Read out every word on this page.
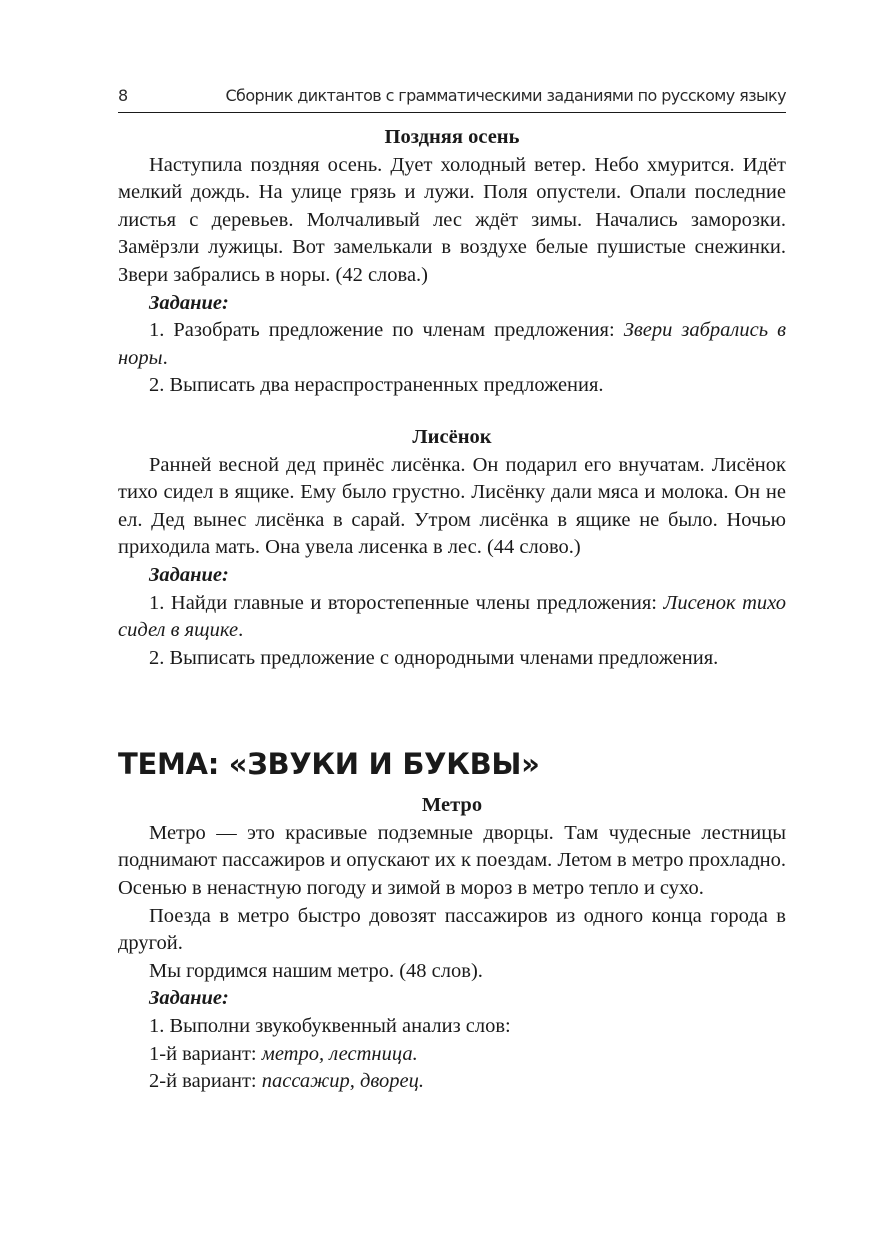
8	Сборник диктантов с грамматическими заданиями по русскому языку

Поздняя осень

Наступила поздняя осень. Дует холодный ветер. Небо хмурится. Идёт мелкий дождь. На улице грязь и лужи. Поля опустели. Опали последние листья с деревьев. Молчаливый лес ждёт зимы. Начались заморозки. Замёрзли лужицы. Вот замелькали в воздухе белые пушистые снежинки. Звери забрались в норы. (42 слова.)

Задание:

1. Разобрать предложение по членам предложения: Звери забрались в норы.

2. Выписать два нераспространенных предложения.

Лисёнок

Ранней весной дед принёс лисёнка. Он подарил его внучатам. Лисёнок тихо сидел в ящике. Ему было грустно. Лисёнку дали мяса и молока. Он не ел. Дед вынес лисёнка в сарай. Утром лисёнка в ящике не было. Ночью приходила мать. Она увела лисенка в лес. (44 слово.)

Задание:

1. Найди главные и второстепенные члены предложения: Лисенок тихо сидел в ящике.

2. Выписать предложение с однородными членами предложения.

ТЕМА: «ЗВУКИ И БУКВЫ»

Метро

Метро — это красивые подземные дворцы. Там чудесные лестницы поднимают пассажиров и опускают их к поездам. Летом в метро прохладно. Осенью в ненастную погоду и зимой в мороз в метро тепло и сухо.

Поезда в метро быстро довозят пассажиров из одного конца города в другой.

Мы гордимся нашим метро. (48 слов).

Задание:

1. Выполни звукобуквенный анализ слов:

1-й вариант: метро, лестница.

2-й вариант: пассажир, дворец.
